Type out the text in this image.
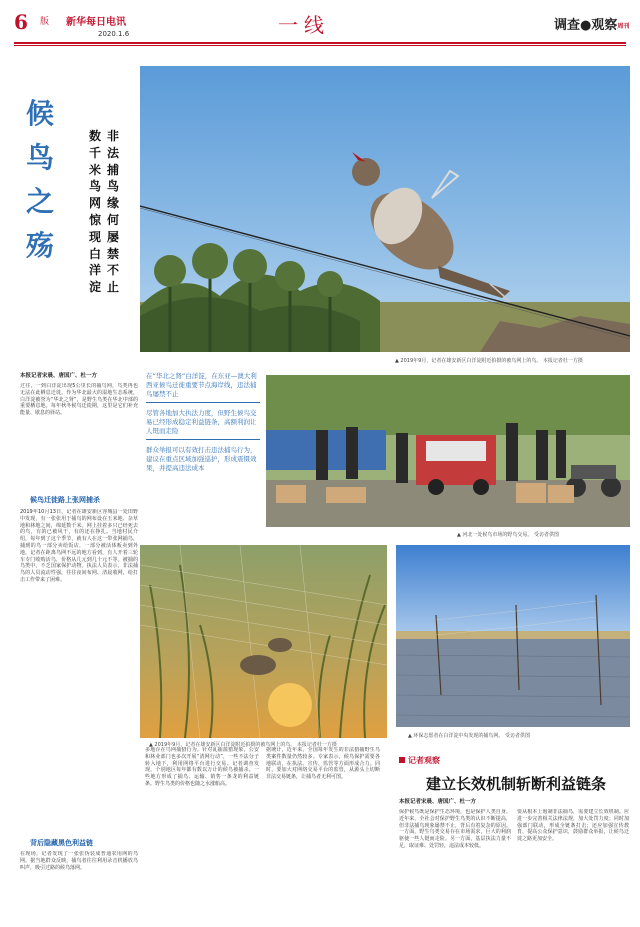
6 版 新华每日电讯
2020.1.6	一线	调查●观察周刊
候
鸟
之
殇
非法捕鸟缘何屡禁不止
数千米鸟网惊现白洋淀
▲ 2019年9月，记者在雄安新区白洋淀附近拍摄的被鸟网上的鸟。 本报记者杜一方摄
本报记者宋晨、唐国广、杜一方
过往，一到白洋淀出现5公里长的捕鸟网，鸟类再也无法在此栖息迁徙。作为华北最大的湿地生态系统，白洋淀被誉为“华北之肾”，是野生鸟类在华北中部的重要栖息地。每年秋冬候鸟迁徙期，这里是它们补充能量、歇息的驿站。
候鸟迁徙路上张网捕杀
2019年10月13日，记者在雄安新区容城县一处田野中发现，有一张张用于捕鸟的网布设在玉米地、杂草地和林地之间，绵延数千米。网上挂着多只已经死去的鸟，有的已被风干，有的还在挣扎。当地村民介绍，每年到了这个季节，就有人在这一带张网捕鸟，捕到的鸟一部分卖给饭店，一部分被活体贩卖到外地。记者在距离鸟网不远的地方看到，有人开着三轮车专门收购活鸟，价格从几元到几十元不等。被捕的鸟类中，不乏国家保护动物。执法人员表示，非法捕鸟的人员流动性强，往往夜间布网、清晨收网，给打击工作带来了困难。
背后隐藏黑色利益链
在现场，记者发现了一张张伪装成普通农用网的鸟网。据当地群众反映，捕鸟者往往利用录音机播放鸟叫声，吸引过路的候鸟落网。

在“华北之肾”白洋淀，在东亚—澳大利西亚候鸟迁徙重要节点海岸线，违法捕鸟屡禁不止

尽管各地加大执法力度，但野生候鸟交易已经形成稳定利益链条，高额利润让人铤而走险

群众举报可以有效打击违法捕鸟行为，建议在重点区域加强巡护，形成震慑效果，并提高违法成本

▲ 河北一处候鸟市场的野鸟交易。 受访者供图
▲ 2019年9月，记者在雄安新区白洋淀附近拍摄的被鸟网上的鸟。 本报记者杜一方摄
▲ 环保志愿者在白洋淀中央发现的捕鸟网。 受访者供图
多地存在鸟网捕猎行为。针对乱捕滥猎现象，公安和林业部门也多次开展“清网行动”，一些不法分子转入地下，利用网络平台进行交易。记者调查发现，个别地区每年都有数以万计的候鸟被捕杀。一些地方形成了捕鸟、运输、销售一条龙的利益链条。野生鸟类的价格也随之水涨船高。
据统计，近年来，全国每年发生的非法猎捕野生鸟类案件数量仍然较多。专家表示，候鸟保护需要各地联动，在执法、宣传、监管等方面形成合力。同时，要加大对网络交易平台的监管，从源头上切断非法交易链条，让捕鸟者无利可图。
记者观察
建立长效机制斩断利益链条
本报记者宋晨、唐国广、杜一方
保护候鸟既是保护生态环境，也是保护人类自身。近年来，全社会对保护野生鸟类的认识不断提高，但非法捕鸟现象屡禁不止，背后有着复杂的原因。一方面，野生鸟类交易存在市场需求，巨大的利润驱使一些人铤而走险。另一方面，基层执法力量不足，取证难、处罚轻，违法成本较低。
要从根本上遏制非法捕鸟，需要建立长效机制。应进一步完善相关法律法规，加大处罚力度；同时加强部门联动，形成全链条打击；还应加强宣传教育，提高公众保护意识，鼓励群众举报，让候鸟迁徙之路更加安全。
